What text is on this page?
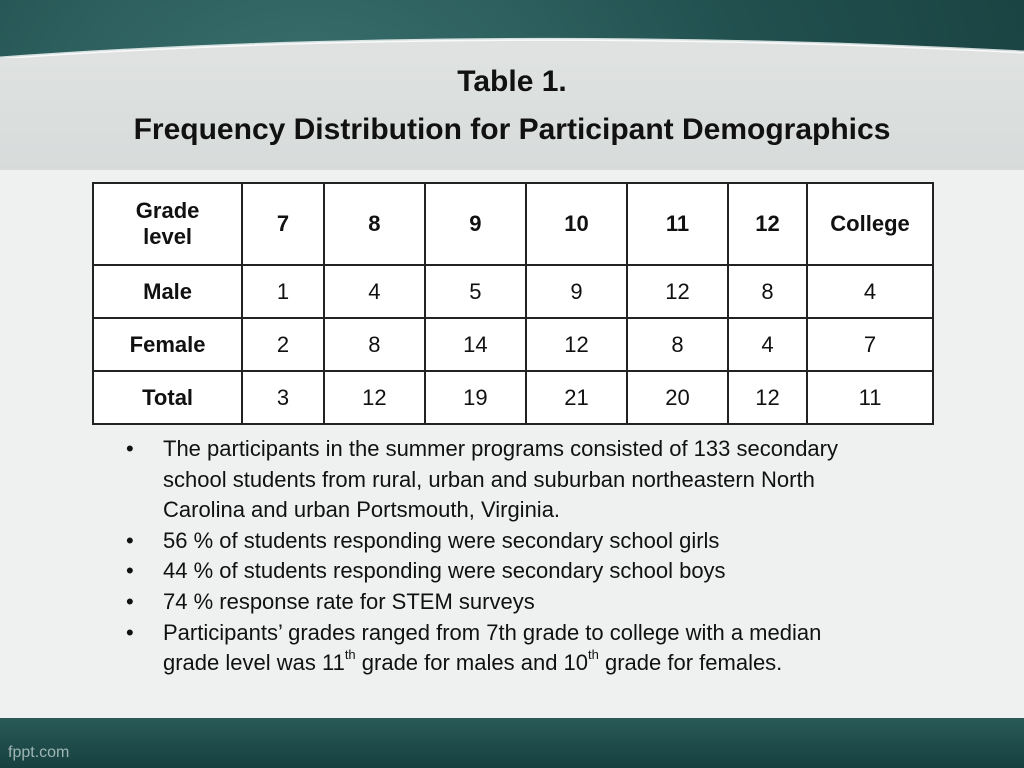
Table 1.
Frequency Distribution for Participant Demographics
Grade level	7	8	9	10	11	12	College
Male	1	4	5	9	12	8	4
Female	2	8	14	12	8	4	7
Total	3	12	19	21	20	12	11
• The participants in the summer programs consisted of 133 secondary school students from rural, urban and suburban northeastern North Carolina and urban Portsmouth, Virginia.
• 56 % of students responding were secondary school girls
• 44 % of students responding were secondary school boys
• 74 % response rate for STEM surveys
• Participants’ grades ranged from 7th grade to college with a median grade level was 11th grade for males and 10th grade for females.
fppt.com
